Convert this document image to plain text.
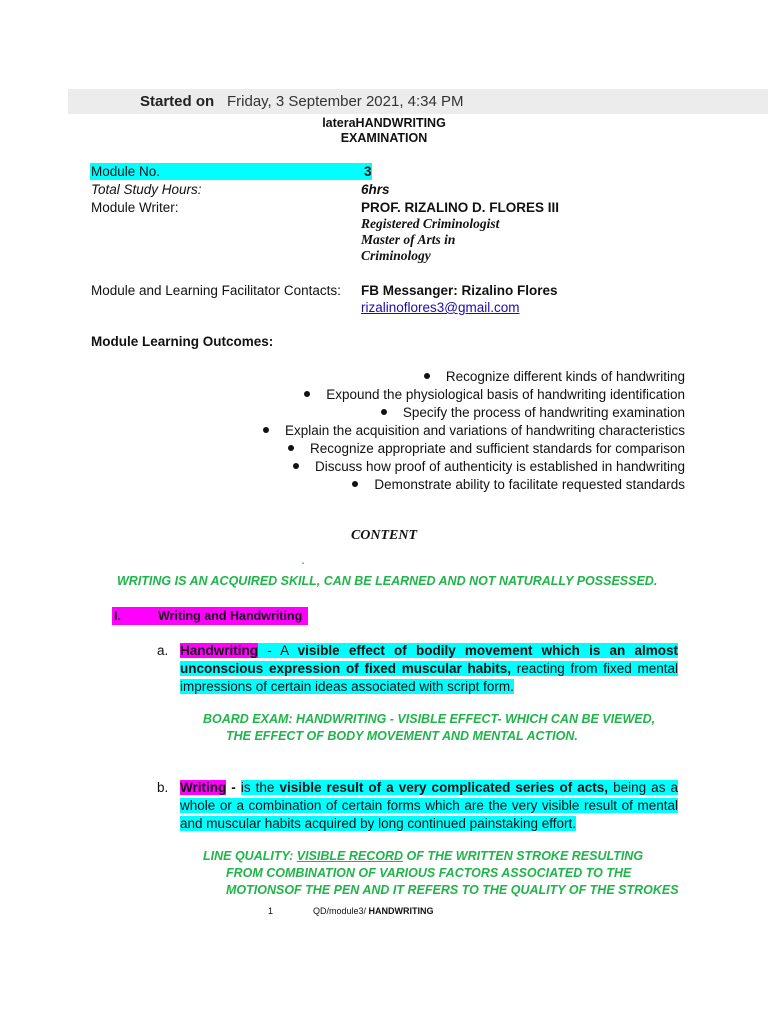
Started on Friday, 3 September 2021, 4:34 PM
lateraHANDWRITING
EXAMINATION
Module No.	3
Total Study Hours:	6hrs
Module Writer:	PROF. RIZALINO D. FLORES III
Registered Criminologist
Master of Arts in
Criminology
Module and Learning Facilitator Contacts: FB Messanger: Rizalino Flores
rizalinoflores3@gmail.com
Module Learning Outcomes:
Recognize different kinds of handwriting
Expound the physiological basis of handwriting identification
Specify the process of handwriting examination
Explain the acquisition and variations of handwriting characteristics
Recognize appropriate and sufficient standards for comparison
Discuss how proof of authenticity is established in handwriting
Demonstrate ability to facilitate requested standards
CONTENT
.
WRITING IS AN ACQUIRED SKILL, CAN BE LEARNED AND NOT NATURALLY POSSESSED.
I.	Writing and Handwriting
a. Handwriting - A visible effect of bodily movement which is an almost unconscious expression of fixed muscular habits, reacting from fixed mental impressions of certain ideas associated with script form.
BOARD EXAM: HANDWRITING - VISIBLE EFFECT- WHICH CAN BE VIEWED,
THE EFFECT OF BODY MOVEMENT AND MENTAL ACTION.
b. Writing - is the visible result of a very complicated series of acts, being as a whole or a combination of certain forms which are the very visible result of mental and muscular habits acquired by long continued painstaking effort.
LINE QUALITY: VISIBLE RECORD OF THE WRITTEN STROKE RESULTING
FROM COMBINATION OF VARIOUS FACTORS ASSOCIATED TO THE
MOTIONSOF THE PEN AND IT REFERS TO THE QUALITY OF THE STROKES
1	QD/module3/ HANDWRITING
